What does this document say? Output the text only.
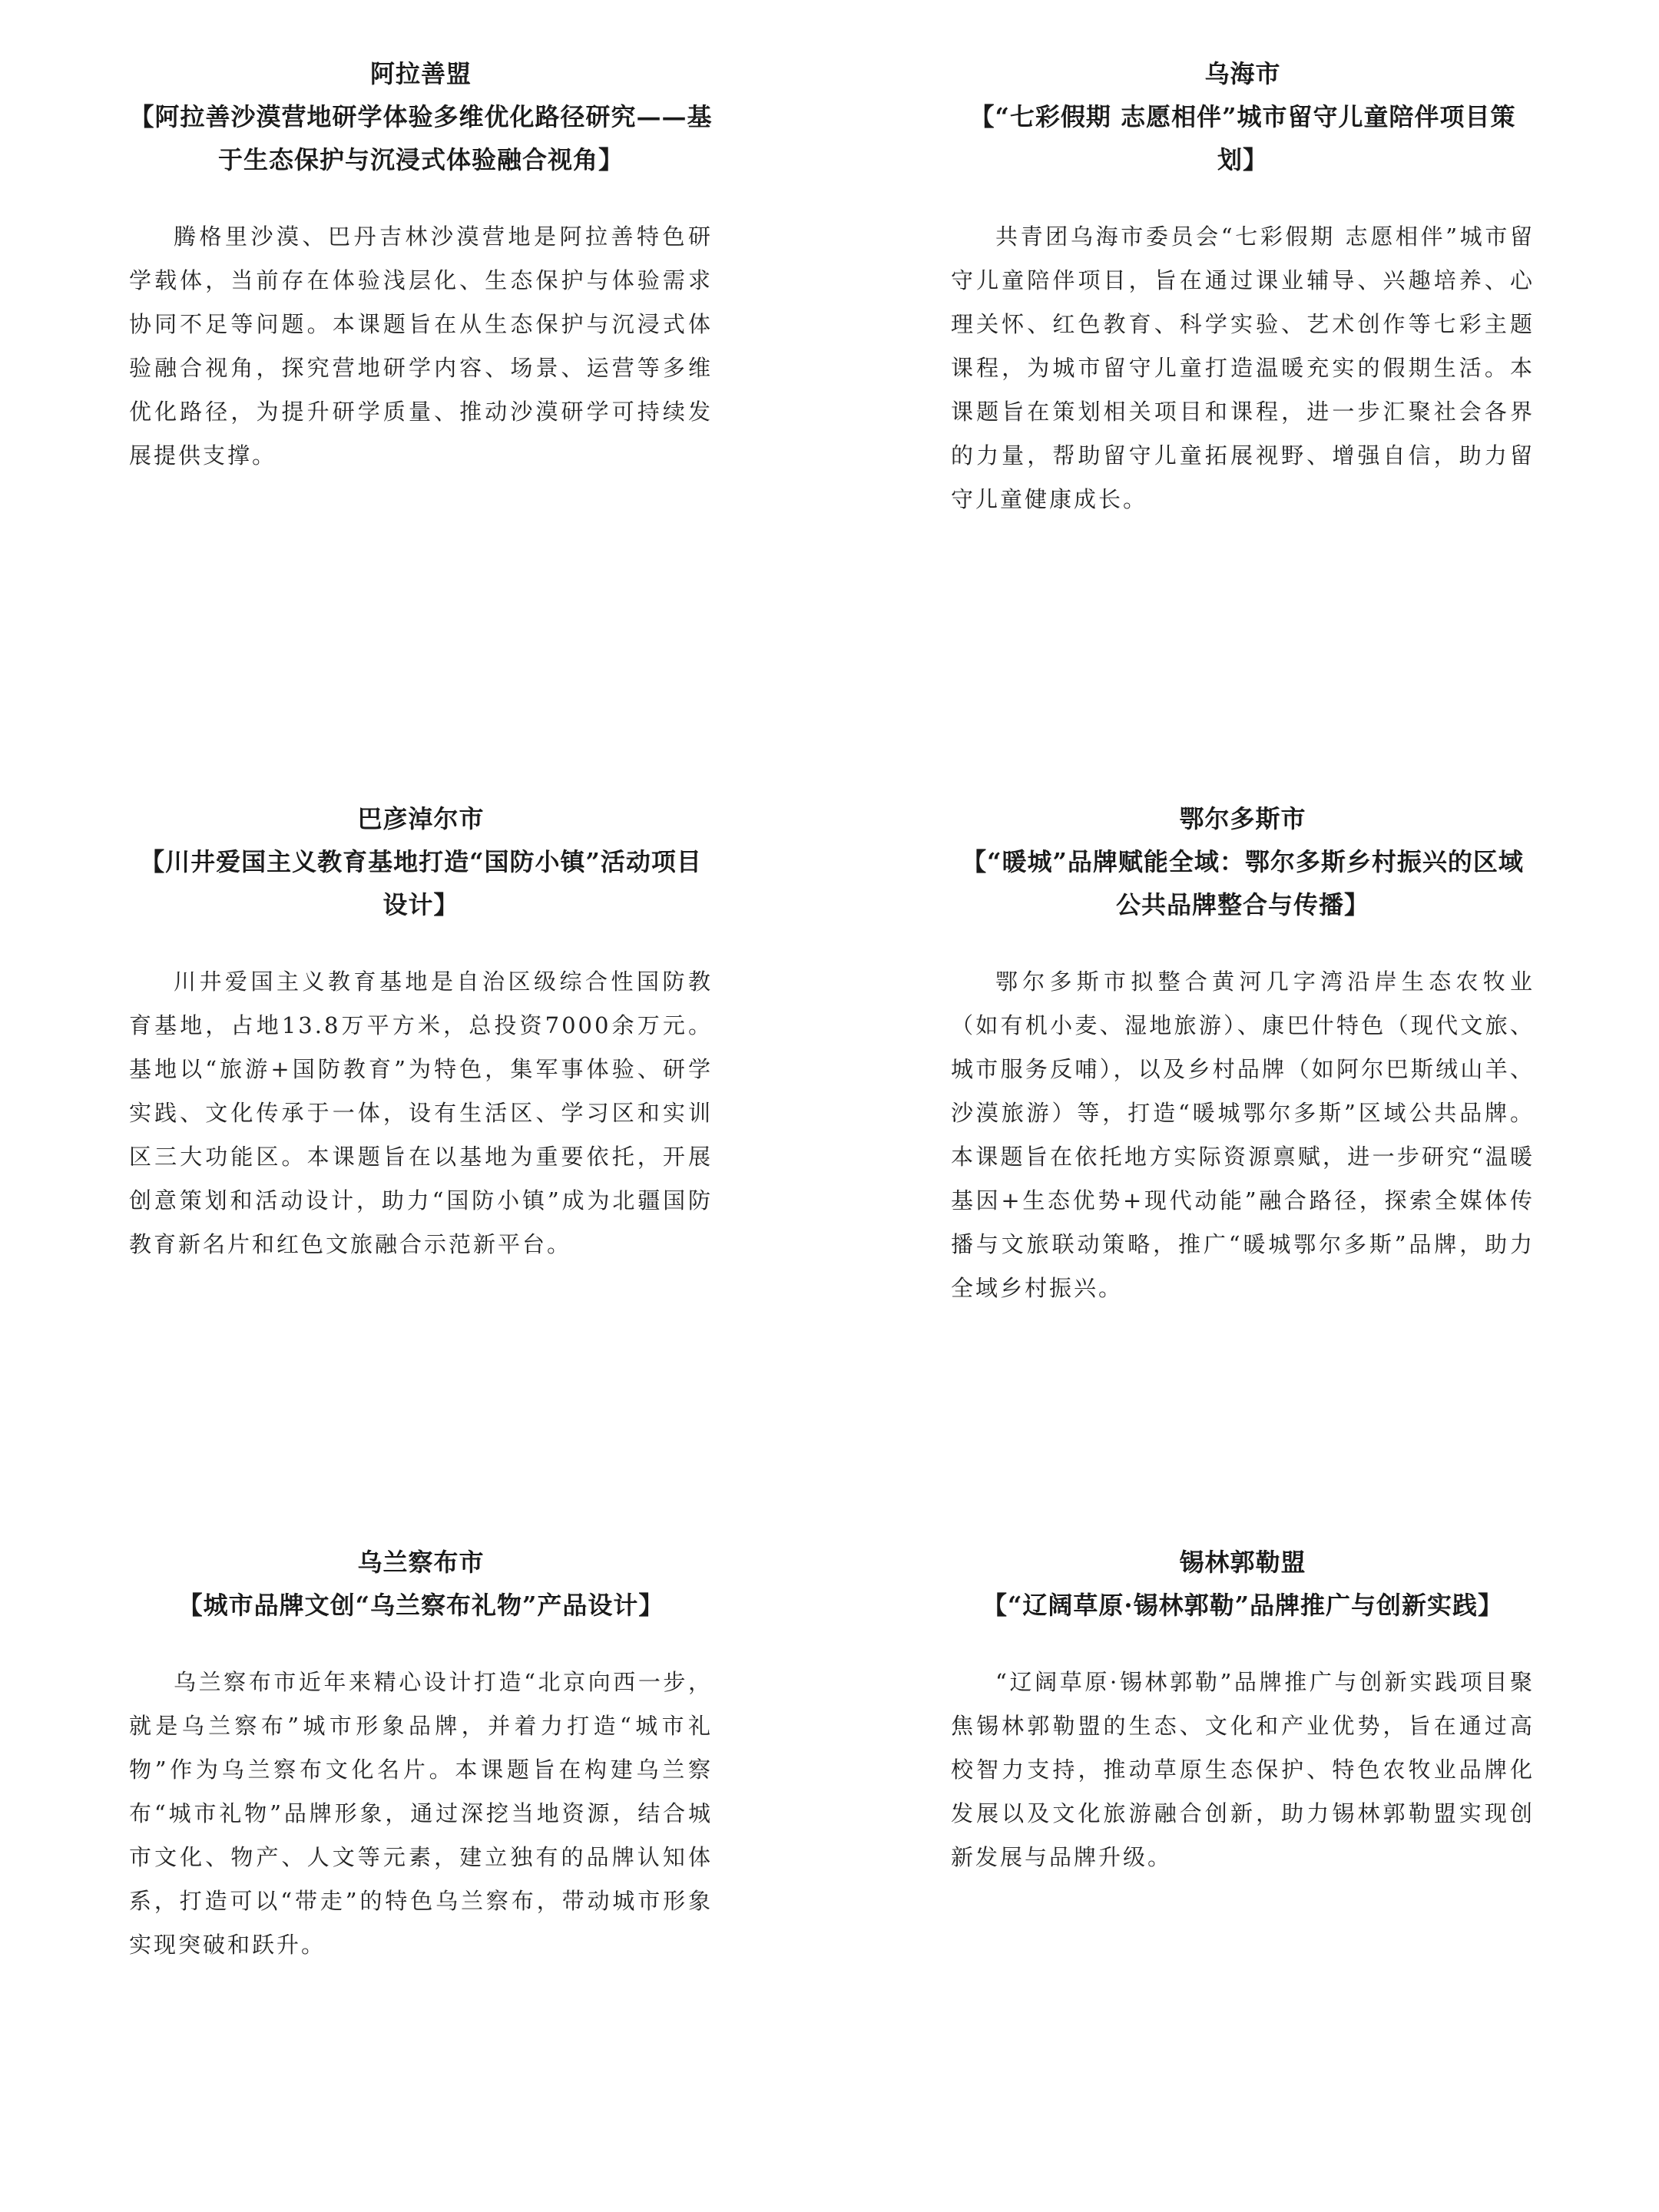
阿拉善盟

【阿拉善沙漠营地研学体验多维优化路径研究——基于生态保护与沉浸式体验融合视角】

腾格里沙漠、巴丹吉林沙漠营地是阿拉善特色研学载体，当前存在体验浅层化、生态保护与体验需求协同不足等问题。本课题旨在从生态保护与沉浸式体验融合视角，探究营地研学内容、场景、运营等多维优化路径，为提升研学质量、推动沙漠研学可持续发展提供支撑。

乌海市

【“七彩假期 志愿相伴”城市留守儿童陪伴项目策划】

共青团乌海市委员会“七彩假期 志愿相伴”城市留守儿童陪伴项目，旨在通过课业辅导、兴趣培养、心理关怀、红色教育、科学实验、艺术创作等七彩主题课程，为城市留守儿童打造温暖充实的假期生活。本课题旨在策划相关项目和课程，进一步汇聚社会各界的力量，帮助留守儿童拓展视野、增强自信，助力留守儿童健康成长。

巴彦淖尔市

【川井爱国主义教育基地打造“国防小镇”活动项目设计】

川井爱国主义教育基地是自治区级综合性国防教育基地，占地13.8万平方米，总投资7000余万元。基地以“旅游+国防教育”为特色，集军事体验、研学实践、文化传承于一体，设有生活区、学习区和实训区三大功能区。本课题旨在以基地为重要依托，开展创意策划和活动设计，助力“国防小镇”成为北疆国防教育新名片和红色文旅融合示范新平台。

鄂尔多斯市

【“暖城”品牌赋能全域：鄂尔多斯乡村振兴的区域公共品牌整合与传播】

鄂尔多斯市拟整合黄河几字湾沿岸生态农牧业（如有机小麦、湿地旅游）、康巴什特色（现代文旅、城市服务反哺），以及乡村品牌（如阿尔巴斯绒山羊、沙漠旅游）等，打造“暖城鄂尔多斯”区域公共品牌。本课题旨在依托地方实际资源禀赋，进一步研究“温暖基因+生态优势+现代动能”融合路径，探索全媒体传播与文旅联动策略，推广“暖城鄂尔多斯”品牌，助力全域乡村振兴。

乌兰察布市

【城市品牌文创“乌兰察布礼物”产品设计】

乌兰察布市近年来精心设计打造“北京向西一步，就是乌兰察布”城市形象品牌，并着力打造“城市礼物”作为乌兰察布文化名片。本课题旨在构建乌兰察布“城市礼物”品牌形象，通过深挖当地资源，结合城市文化、物产、人文等元素，建立独有的品牌认知体系，打造可以“带走”的特色乌兰察布，带动城市形象实现突破和跃升。

锡林郭勒盟

【“辽阔草原·锡林郭勒”品牌推广与创新实践】

“辽阔草原·锡林郭勒”品牌推广与创新实践项目聚焦锡林郭勒盟的生态、文化和产业优势，旨在通过高校智力支持，推动草原生态保护、特色农牧业品牌化发展以及文化旅游融合创新，助力锡林郭勒盟实现创新发展与品牌升级。
